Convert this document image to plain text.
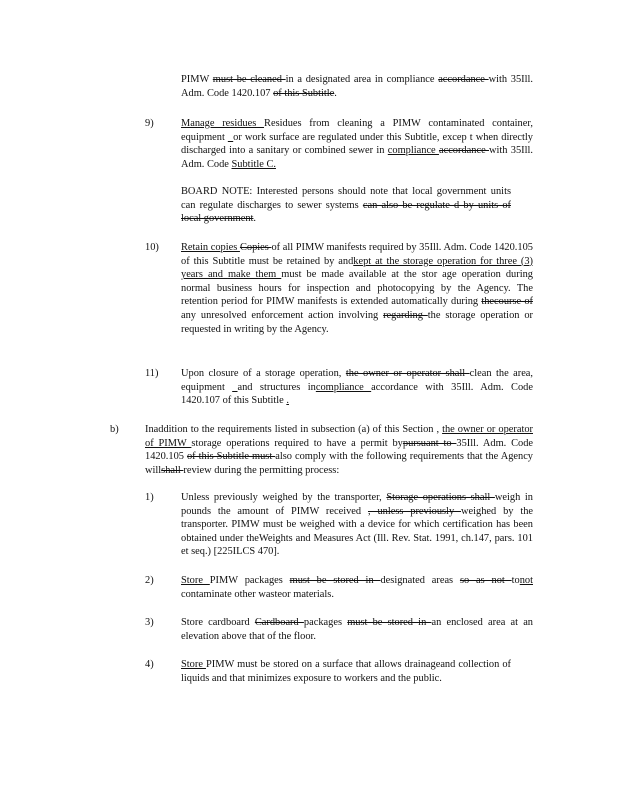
PIMW must be cleaned in a designated area in compliance accordance with 35Ill. Adm. Code 1420.107 of this Subtitle.
9)	Manage residues Residues from cleaning a PIMW contaminated container, equipment _or work surface are regulated under this Subtitle, excep t when directly discharged into a sanitary or combined sewer in compliance accordance with 35Ill. Adm. Code Subtitle C.
BOARD NOTE: Interested persons should note that local government units can regulate discharges to sewer systems can also be regulate d by units of local government.
10) Retain copies Copies of all PIMW manifests required by 35Ill. Adm. Code 1420.105 of this Subtitle must be retained by andkept at the storage operation for three (3) years and make them must be made available at the stor age operation during normal business hours for inspection and photocopying by the Agency. The retention period for PIMW manifests is extended automatically during thecourse of any unresolved enforcement action involving regarding the storage operation or requested in writing by the Agency.
11) Upon closure of a storage operation, the owner or operator shall clean the area, equipment _and structures incompliance accordance with 35Ill. Adm. Code 1420.107 of this Subtitle .
b)	Inaddition to the requirements listed in subsection (a) of this Section , the owner or operator of PIMW storage operations required to have a permit bypursuant to 35Ill. Adm. Code 1420.105 of this Subtitle must also comply with the following requirements that the Agency willshall review during the permitting process:
1)	Unless previously weighed by the transporter, Storage operations shall weigh in pounds the amount of PIMW received , unless previously weighed by the transporter. PIMW must be weighed with a device for which certification has been obtained under theWeights and Measures Act (Ill. Rev. Stat. 1991, ch.147, pars. 101 et seq.) [225ILCS 470].
2)	Store PIMW packages must be stored in designated areas so as not tonot contaminate other wasteor materials.
3)	Store cardboard Cardboard packages must be stored in an enclosed area at an elevation above that of the floor.
4)	Store PIMW must be stored on a surface that allows drainageand collection of liquids and that minimizes exposure to workers and the public.
